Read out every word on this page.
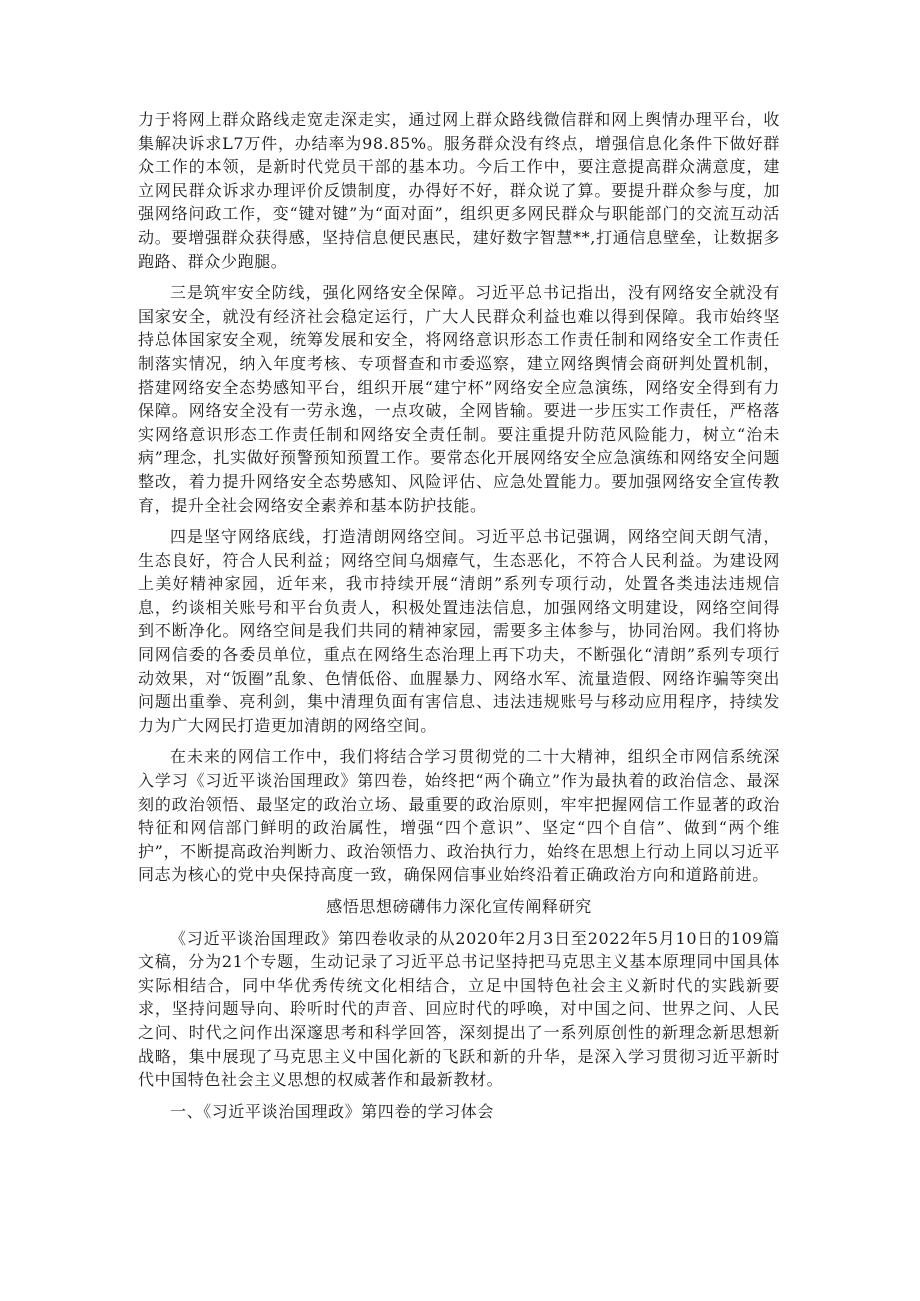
力于将网上群众路线走宽走深走实，通过网上群众路线微信群和网上舆情办理平台，收集解决诉求L7万件，办结率为98.85%。服务群众没有终点，增强信息化条件下做好群众工作的本领，是新时代党员干部的基本功。今后工作中，要注意提高群众满意度，建立网民群众诉求办理评价反馈制度，办得好不好，群众说了算。要提升群众参与度，加强网络问政工作，变“键对键”为“面对面”，组织更多网民群众与职能部门的交流互动活动。要增强群众获得感，坚持信息便民惠民，建好数字智慧**,打通信息壁垒，让数据多跑路、群众少跑腿。

三是筑牢安全防线，强化网络安全保障。习近平总书记指出，没有网络安全就没有国家安全，就没有经济社会稳定运行，广大人民群众利益也难以得到保障。我市始终坚持总体国家安全观，统筹发展和安全，将网络意识形态工作责任制和网络安全工作责任制落实情况，纳入年度考核、专项督查和市委巡察，建立网络舆情会商研判处置机制，搭建网络安全态势感知平台，组织开展“建宁杯”网络安全应急演练，网络安全得到有力保障。网络安全没有一劳永逸，一点攻破，全网皆输。要进一步压实工作责任，严格落实网络意识形态工作责任制和网络安全责任制。要注重提升防范风险能力，树立“治未病”理念，扎实做好预警预知预置工作。要常态化开展网络安全应急演练和网络安全问题整改，着力提升网络安全态势感知、风险评估、应急处置能力。要加强网络安全宣传教育，提升全社会网络安全素养和基本防护技能。

四是坚守网络底线，打造清朗网络空间。习近平总书记强调，网络空间天朗气清，生态良好，符合人民利益；网络空间乌烟瘴气，生态恶化，不符合人民利益。为建设网上美好精神家园，近年来，我市持续开展“清朗”系列专项行动，处置各类违法违规信息，约谈相关账号和平台负责人，积极处置违法信息，加强网络文明建设，网络空间得到不断净化。网络空间是我们共同的精神家园，需要多主体参与，协同治网。我们将协同网信委的各委员单位，重点在网络生态治理上再下功夫，不断强化“清朗”系列专项行动效果，对“饭圈”乱象、色情低俗、血腥暴力、网络水军、流量造假、网络诈骗等突出问题出重拳、亮利剑，集中清理负面有害信息、违法违规账号与移动应用程序，持续发力为广大网民打造更加清朗的网络空间。

在未来的网信工作中，我们将结合学习贯彻党的二十大精神，组织全市网信系统深入学习《习近平谈治国理政》第四卷，始终把“两个确立”作为最执着的政治信念、最深刻的政治领悟、最坚定的政治立场、最重要的政治原则，牢牢把握网信工作显著的政治特征和网信部门鲜明的政治属性，增强“四个意识”、坚定“四个自信”、做到“两个维护”，不断提高政治判断力、政治领悟力、政治执行力，始终在思想上行动上同以习近平同志为核心的党中央保持高度一致，确保网信事业始终沿着正确政治方向和道路前进。

感悟思想磅礴伟力深化宣传阐释研究

《习近平谈治国理政》第四卷收录的从2020年2月3日至2022年5月10日的109篇文稿，分为21个专题，生动记录了习近平总书记坚持把马克思主义基本原理同中国具体实际相结合，同中华优秀传统文化相结合，立足中国特色社会主义新时代的实践新要求，坚持问题导向、聆听时代的声音、回应时代的呼唤，对中国之问、世界之问、人民之问、时代之问作出深邃思考和科学回答，深刻提出了一系列原创性的新理念新思想新战略，集中展现了马克思主义中国化新的飞跃和新的升华，是深入学习贯彻习近平新时代中国特色社会主义思想的权威著作和最新教材。

一、《习近平谈治国理政》第四卷的学习体会
